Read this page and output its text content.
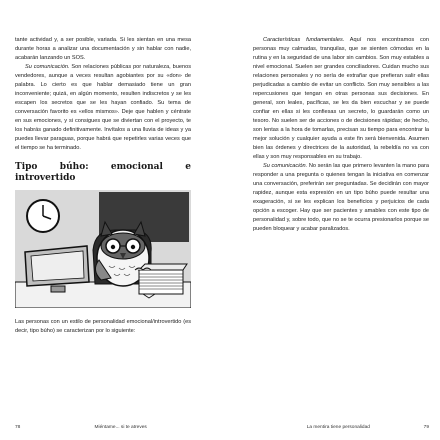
tante actividad y, a ser posible, variada. Si les sientan en una mesa durante horas a analizar una documentación y sin hablar con nadie, acabarán lanzando un SOS.

Su comunicación. Son relaciones públicas por naturaleza, buenos vendedores, aunque a veces resultan agobiantes por su «don» de palabra. Lo cierto es que hablar demasiado tiene un gran inconveniente; quizá, en algún momento, resulten indiscretos y se les escapen los secretos que se les hayan confiado. Su tema de conversación favorito es «ellos mismos». Deje que hablen y céntrate en sus emociones, y si consigues que se diviertan con el proyecto, te los habrás ganado definitivamente. Invítalos a una lluvia de ideas y ya puedes llevar paraguas, porque habrá que repetirles varias veces que el tiempo se ha terminado.

Tipo búho: emocional e introvertido

Las personas con un estilo de personalidad emocional/introvertido (es decir, tipo búho) se caracterizan por lo siguiente:

78	Miéntame... si te atreves

Características fundamentales. Aquí nos encontramos con personas muy calmadas, tranquilas, que se sienten cómodas en la rutina y en la seguridad de una labor sin cambios. Son muy estables a nivel emocional. Suelen ser grandes conciliadores. Cuidan mucho sus relaciones personales y no sería de extrañar que prefieran salir ellas perjudicadas a cambio de evitar un conflicto. Son muy sensibles a las repercusiones que tengan en otras personas sus decisiones. En general, son leales, pacíficas, se les da bien escuchar y se puede confiar en ellas si les confiesas un secreto, lo guardarán como un tesoro. No suelen ser de acciones o de decisiones rápidas; de hecho, son lentas a la hora de tomarlas, precisan su tiempo para encontrar la mejor solución y cualquier ayuda a este fin será bienvenida. Asumen bien las órdenes y directrices de la autoridad, la rebeldía no va con ellas y son muy responsables en su trabajo.

Su comunicación. No serán las que primero levanten la mano para responder a una pregunta o quienes tengan la iniciativa en comenzar una conversación, preferirán ser preguntadas. Se decidirán con mayor rapidez, aunque esta expresión en un tipo búho puede resultar una exageración, si se les explican los beneficios y perjuicios de cada opción a escoger. Hay que ser pacientes y amables con este tipo de personalidad y, sobre todo, que no se te ocurra presionarlos porque se pueden bloquear y acabar paralizados.

La mentira tiene personalidad	79
